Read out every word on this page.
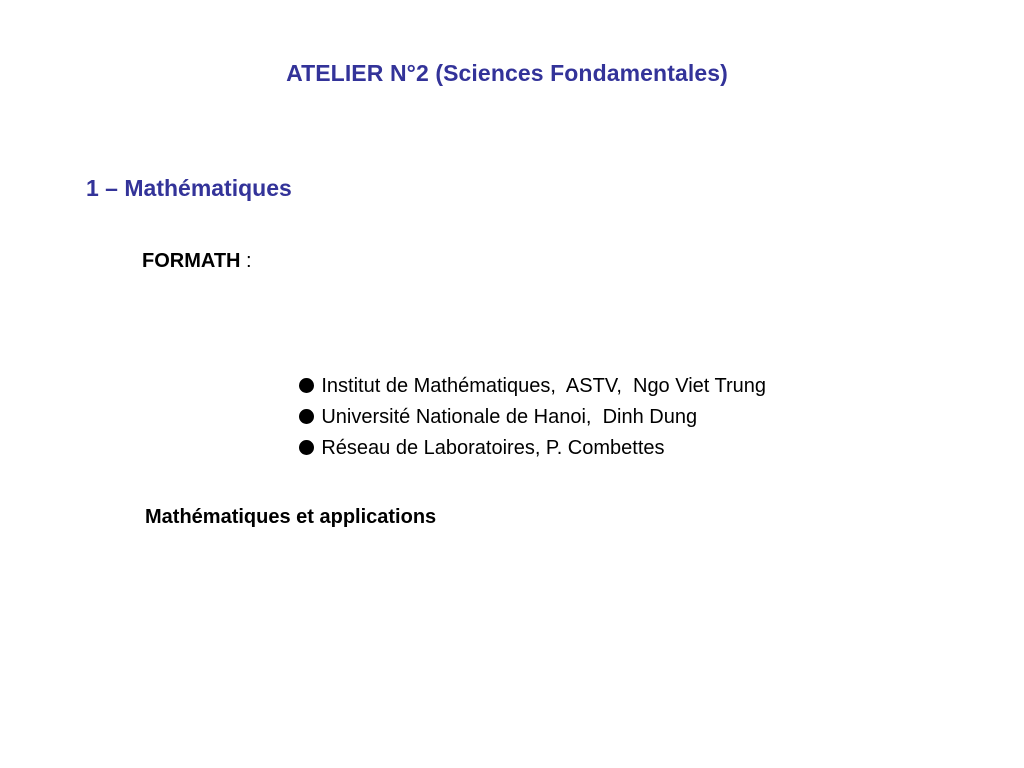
ATELIER N°2 (Sciences Fondamentales)
1 – Mathématiques
FORMATH :

Institut de Mathématiques,  ASTV,  Ngo Viet Trung

Université Nationale de Hanoi,  Dinh Dung

Réseau de Laboratoires, P. Combettes

Mathématiques et applications
